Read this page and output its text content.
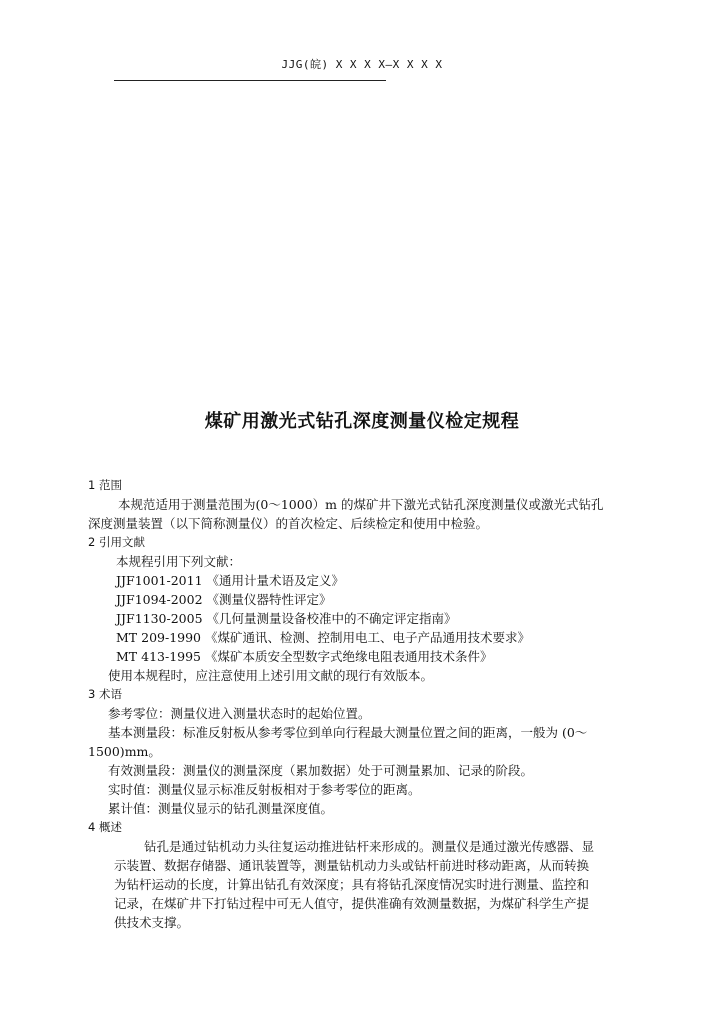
JJG(皖) X X X X—X X X X
煤矿用激光式钻孔深度测量仪检定规程
1 范围
本规范适用于测量范围为(0～1000）m 的煤矿井下激光式钻孔深度测量仪或激光式钻孔
深度测量装置（以下简称测量仪）的首次检定、后续检定和使用中检验。
2 引用文献
本规程引用下列文献：
JJF1001-2011 《通用计量术语及定义》
JJF1094-2002 《测量仪器特性评定》
JJF1130-2005 《几何量测量设备校准中的不确定评定指南》
MT 209-1990 《煤矿通讯、检测、控制用电工、电子产品通用技术要求》
MT 413-1995 《煤矿本质安全型数字式绝缘电阻表通用技术条件》
使用本规程时，应注意使用上述引用文献的现行有效版本。
3 术语
参考零位：测量仪进入测量状态时的起始位置。
基本测量段：标准反射板从参考零位到单向行程最大测量位置之间的距离，一般为 (0～
1500)mm。
有效测量段：测量仪的测量深度（累加数据）处于可测量累加、记录的阶段。
实时值：测量仪显示标准反射板相对于参考零位的距离。
累计值：测量仪显示的钻孔测量深度值。
4 概述
钻孔是通过钻机动力头往复运动推进钻杆来形成的。测量仪是通过激光传感器、显
示装置、数据存储器、通讯装置等，测量钻机动力头或钻杆前进时移动距离，从而转换
为钻杆运动的长度，计算出钻孔有效深度；具有将钻孔深度情况实时进行测量、监控和
记录，在煤矿井下打钻过程中可无人值守，提供准确有效测量数据，为煤矿科学生产提
供技术支撑。
